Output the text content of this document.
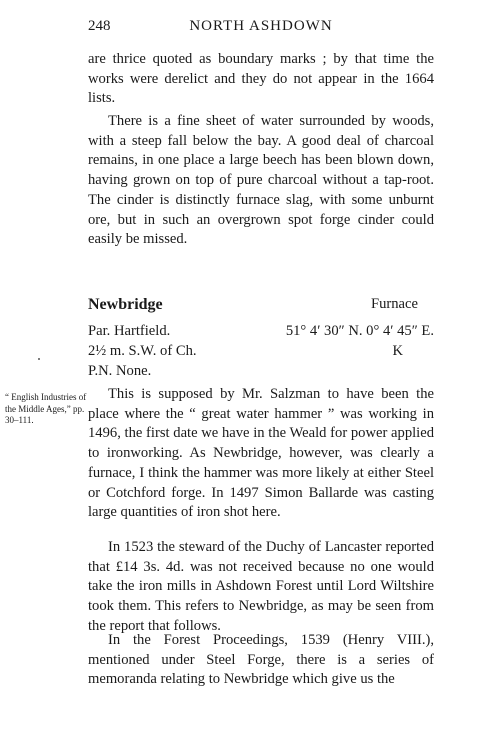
248	NORTH ASHDOWN

are thrice quoted as boundary marks ; by that time the works were derelict and they do not appear in the 1664 lists.

There is a fine sheet of water surrounded by woods, with a steep fall below the bay. A good deal of charcoal remains, in one place a large beech has been blown down, having grown on top of pure charcoal without a tap-root. The cinder is distinctly furnace slag, with some unburnt ore, but in such an overgrown spot forge cinder could easily be missed.

Newbridge	Furnace
Par. Hartfield.	51° 4′ 30″ N. 0° 4′ 45″ E.
2½ m. S.W. of Ch.	K
P.N. None.
“ English Industries of the Middle Ages,” pp. 30–111.

This is supposed by Mr. Salzman to have been the place where the “ great water hammer ” was working in 1496, the first date we have in the Weald for power applied to ironworking. As Newbridge, however, was clearly a furnace, I think the hammer was more likely at either Steel or Cotchford forge. In 1497 Simon Ballarde was casting large quantities of iron shot here.

In 1523 the steward of the Duchy of Lancaster reported that £14 3s. 4d. was not received because no one would take the iron mills in Ashdown Forest until Lord Wiltshire took them. This refers to Newbridge, as may be seen from the report that follows.

In the Forest Proceedings, 1539 (Henry VIII.), mentioned under Steel Forge, there is a series of memoranda relating to Newbridge which give us the
